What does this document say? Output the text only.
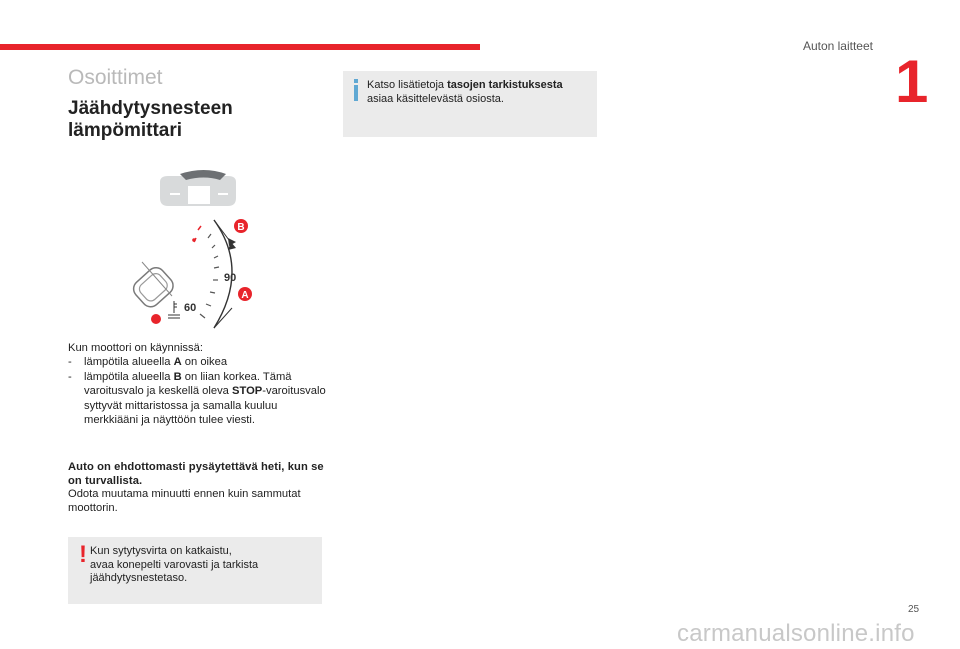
Auton laitteet
1
Osoittimet
Jäähdytysnesteen
lämpömittari
90
60
B
A

Kun moottori on käynnissä:

- lämpötila alueella A on oikea

- lämpötila alueella B on liian korkea. Tämä varoitusvalo ja keskellä oleva STOP-varoitusvalo syttyvät mittaristossa ja samalla kuuluu merkkiääni ja näyttöön tulee viesti.

Auto on ehdottomasti pysäytettävä heti, kun se on turvallista.
Odota muutama minuutti ennen kuin sammutat moottorin.
! Kun sytytysvirta on katkaistu,
avaa konepelti varovasti ja tarkista
jäähdytysnestetaso.
Katso lisätietoja tasojen tarkistuksesta asiaa käsittelevästä osiosta.
25
carmanualsonline.info
